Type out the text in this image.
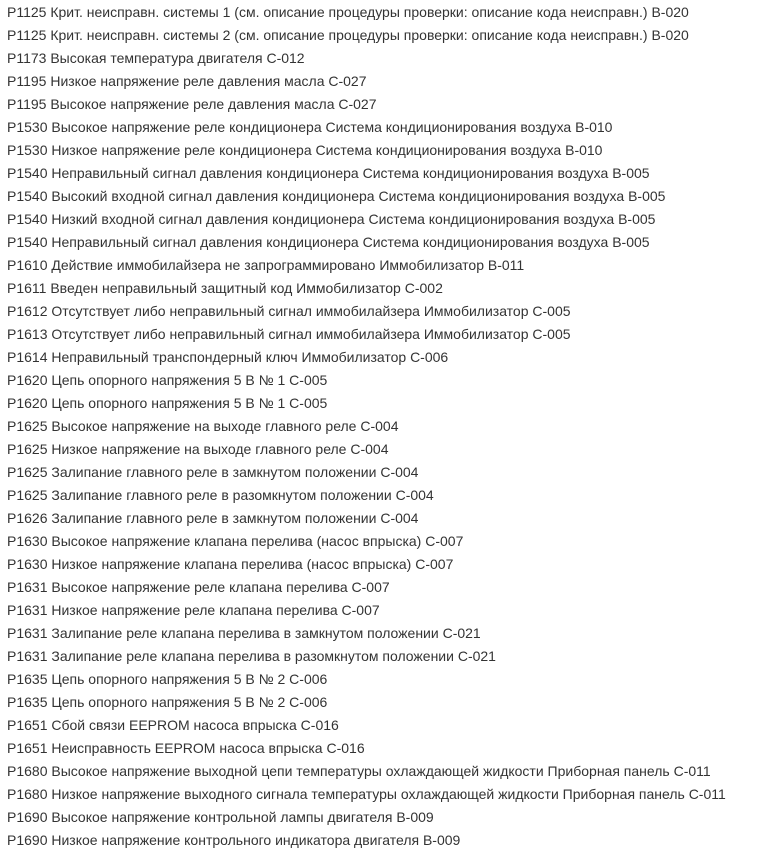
P1125 Крит. неисправн. системы 1 (см. описание процедуры проверки: описание кода неисправн.) B-020
P1125 Крит. неисправн. системы 2 (см. описание процедуры проверки: описание кода неисправн.) B-020
P1173 Высокая температура двигателя C-012
P1195 Низкое напряжение реле давления масла C-027
P1195 Высокое напряжение реле давления масла C-027
P1530 Высокое напряжение реле кондиционера Система кондиционирования воздуха B-010
P1530 Низкое напряжение реле кондиционера Система кондиционирования воздуха B-010
P1540 Неправильный сигнал давления кондиционера Система кондиционирования воздуха B-005
P1540 Высокий входной сигнал давления кондиционера Система кондиционирования воздуха B-005
P1540 Низкий входной сигнал давления кондиционера Система кондиционирования воздуха B-005
P1540 Неправильный сигнал давления кондиционера Система кондиционирования воздуха B-005
P1610 Действие иммобилайзера не запрограммировано Иммобилизатор B-011
P1611 Введен неправильный защитный код Иммобилизатор C-002
P1612 Отсутствует либо неправильный сигнал иммобилайзера Иммобилизатор C-005
P1613 Отсутствует либо неправильный сигнал иммобилайзера Иммобилизатор C-005
P1614 Неправильный транспондерный ключ Иммобилизатор C-006
P1620 Цепь опорного напряжения 5 В № 1 C-005
P1620 Цепь опорного напряжения 5 В № 1 C-005
P1625 Высокое напряжение на выходе главного реле C-004
P1625 Низкое напряжение на выходе главного реле C-004
P1625 Залипание главного реле в замкнутом положении C-004
P1625 Залипание главного реле в разомкнутом положении C-004
P1626 Залипание главного реле в замкнутом положении C-004
P1630 Высокое напряжение клапана перелива (насос впрыска) C-007
P1630 Низкое напряжение клапана перелива (насос впрыска) C-007
P1631 Высокое напряжение реле клапана перелива C-007
P1631 Низкое напряжение реле клапана перелива C-007
P1631 Залипание реле клапана перелива в замкнутом положении C-021
P1631 Залипание реле клапана перелива в разомкнутом положении C-021
P1635 Цепь опорного напряжения 5 В № 2 C-006
P1635 Цепь опорного напряжения 5 В № 2 C-006
P1651 Сбой связи EEPROM насоса впрыска C-016
P1651 Неисправность EEPROM насоса впрыска C-016
P1680 Высокое напряжение выходной цепи температуры охлаждающей жидкости Приборная панель C-011
P1680 Низкое напряжение выходного сигнала температуры охлаждающей жидкости Приборная панель C-011
P1690 Высокое напряжение контрольной лампы двигателя B-009
P1690 Низкое напряжение контрольного индикатора двигателя B-009
